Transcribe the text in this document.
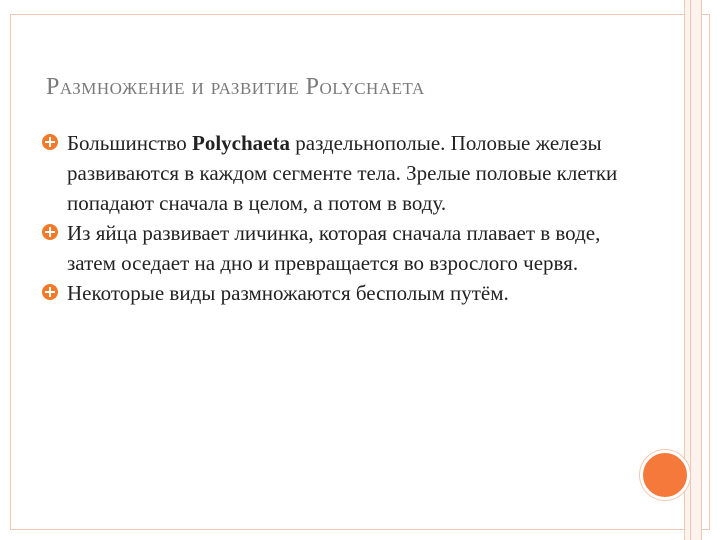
Размножение и развитие Polychaeta

Большинство Polychaeta раздельнополые. Половые железы развиваются в каждом сегменте тела. Зрелые половые клетки попадают сначала в целом, а потом в воду.

Из яйца развивает личинка, которая сначала плавает в воде, затем оседает на дно и превращается во взрослого червя.

Некоторые виды размножаются бесполым путём.
